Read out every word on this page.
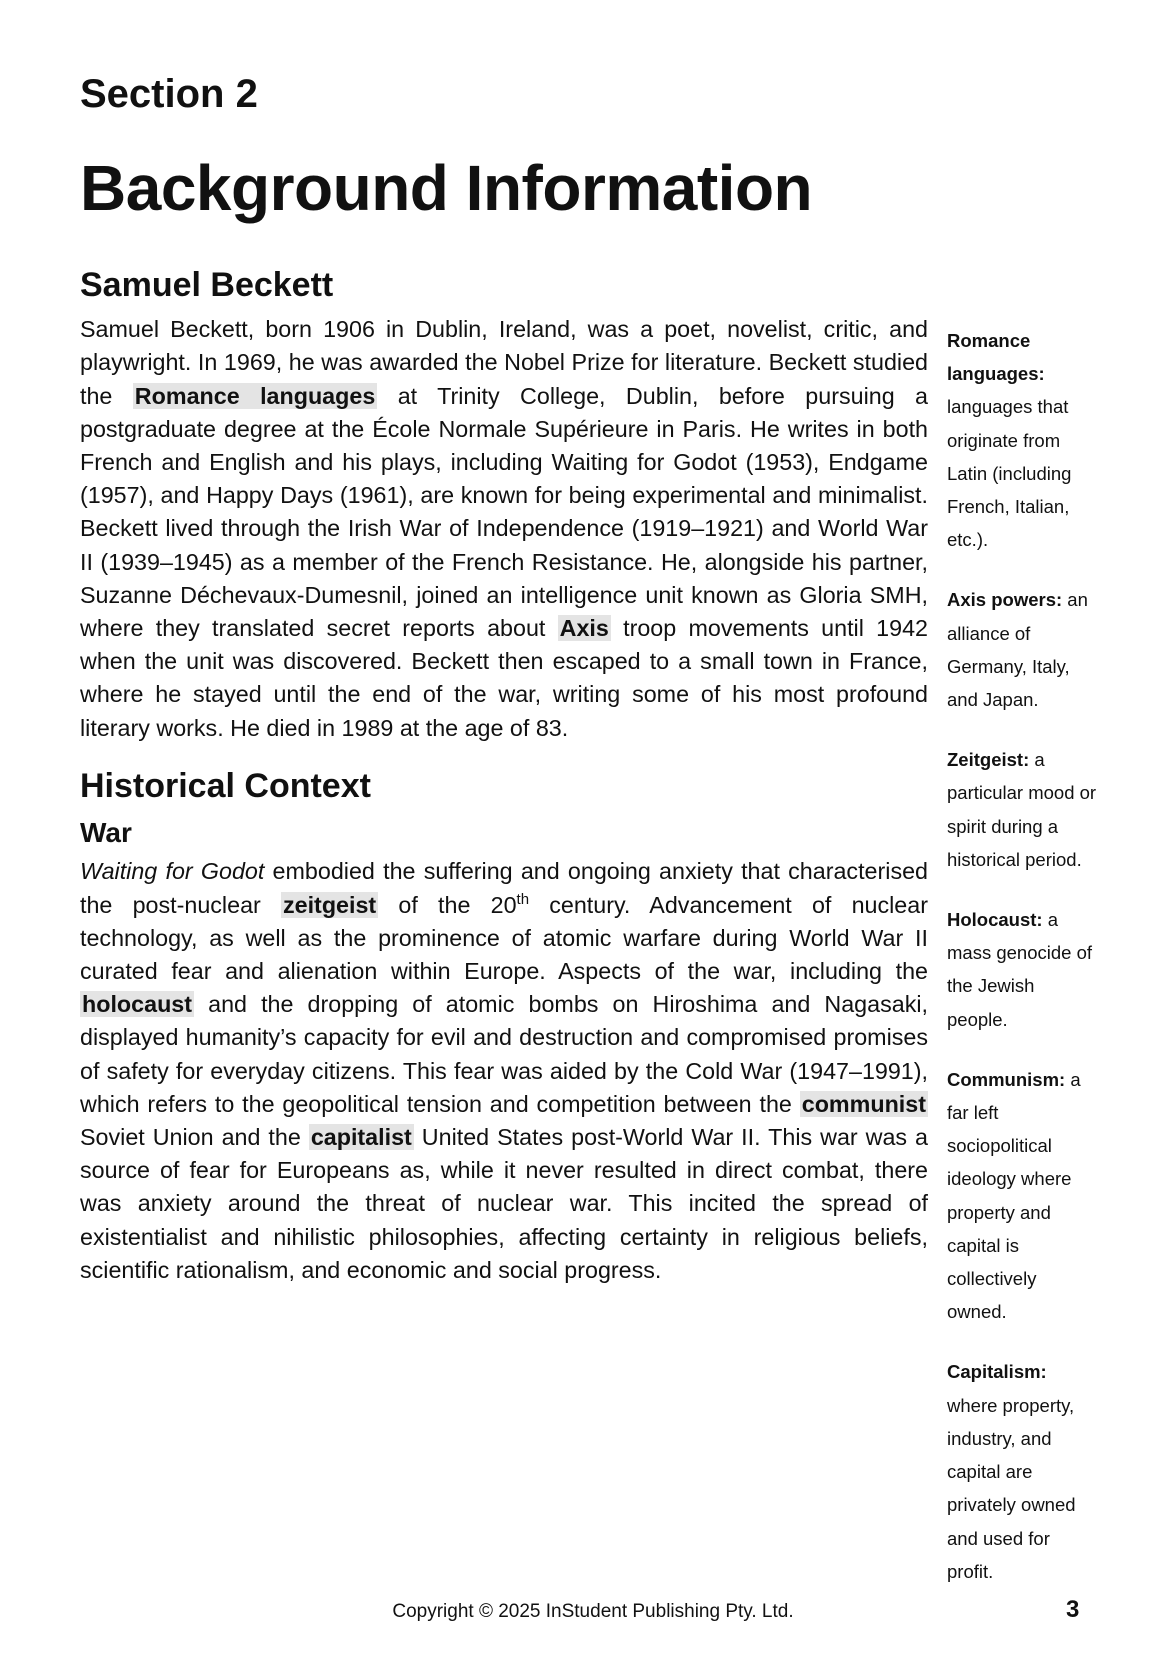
Section 2
Background Information
Samuel Beckett

Samuel Beckett, born 1906 in Dublin, Ireland, was a poet, novelist, critic, and playwright. In 1969, he was awarded the Nobel Prize for literature. Beckett studied the Romance languages at Trinity College, Dublin, before pursuing a postgraduate degree at the École Normale Supérieure in Paris. He writes in both French and English and his plays, including Waiting for Godot (1953), Endgame (1957), and Happy Days (1961), are known for being experimental and minimalist. Beckett lived through the Irish War of Independence (1919–1921) and World War II (1939–1945) as a member of the French Resistance. He, alongside his partner, Suzanne Déchevaux-Dumesnil, joined an intelligence unit known as Gloria SMH, where they translated secret reports about Axis troop movements until 1942 when the unit was discovered. Beckett then escaped to a small town in France, where he stayed until the end of the war, writing some of his most profound literary works. He died in 1989 at the age of 83.

Historical Context
War

Waiting for Godot embodied the suffering and ongoing anxiety that characterised the post-nuclear zeitgeist of the 20th century. Advancement of nuclear technology, as well as the prominence of atomic warfare during World War II curated fear and alienation within Europe. Aspects of the war, including the holocaust and the dropping of atomic bombs on Hiroshima and Nagasaki, displayed humanity’s capacity for evil and destruction and compromised promises of safety for everyday citizens. This fear was aided by the Cold War (1947–1991), which refers to the geopolitical tension and competition between the communist Soviet Union and the capitalist United States post-World War II. This war was a source of fear for Europeans as, while it never resulted in direct combat, there was anxiety around the threat of nuclear war. This incited the spread of existentialist and nihilistic philosophies, affecting certainty in religious beliefs, scientific rationalism, and economic and social progress.

Romance languages: languages that originate from Latin (including French, Italian, etc.).
Axis powers: an alliance of Germany, Italy, and Japan.
Zeitgeist: a particular mood or spirit during a historical period.
Holocaust: a mass genocide of the Jewish people.
Communism: a far left sociopolitical ideology where property and capital is collectively owned.
Capitalism: where property, industry, and capital are privately owned and used for profit.
Copyright © 2025 InStudent Publishing Pty. Ltd.	3
